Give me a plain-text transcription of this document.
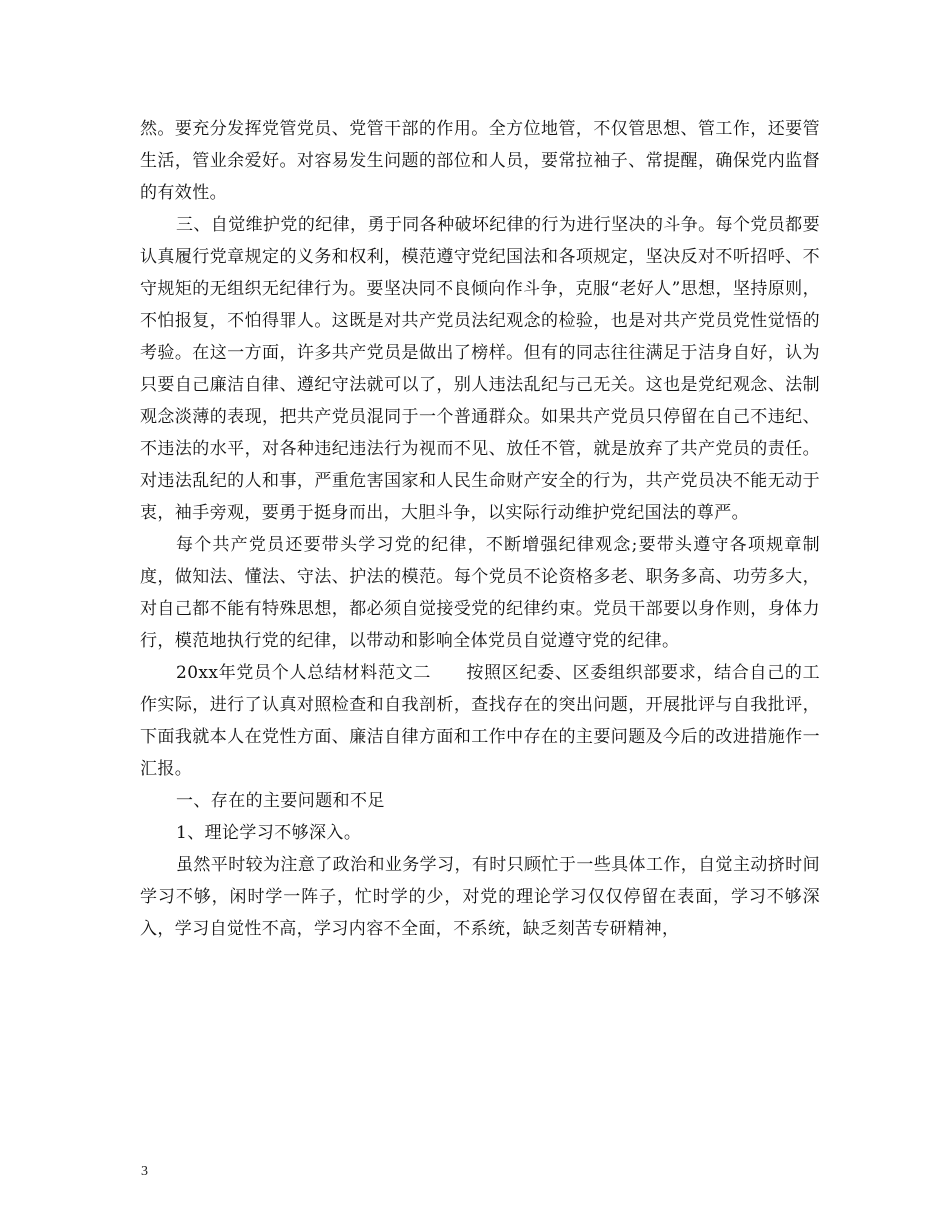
然。要充分发挥党管党员、党管干部的作用。全方位地管，不仅管思想、管工作，还要管生活，管业余爱好。对容易发生问题的部位和人员，要常拉袖子、常提醒，确保党内监督的有效性。

三、自觉维护党的纪律，勇于同各种破坏纪律的行为进行坚决的斗争。每个党员都要认真履行党章规定的义务和权利，模范遵守党纪国法和各项规定，坚决反对不听招呼、不守规矩的无组织无纪律行为。要坚决同不良倾向作斗争，克服“老好人”思想，坚持原则，不怕报复，不怕得罪人。这既是对共产党员法纪观念的检验，也是对共产党员党性觉悟的考验。在这一方面，许多共产党员是做出了榜样。但有的同志往往满足于洁身自好，认为只要自己廉洁自律、遵纪守法就可以了，别人违法乱纪与己无关。这也是党纪观念、法制观念淡薄的表现，把共产党员混同于一个普通群众。如果共产党员只停留在自己不违纪、不违法的水平，对各种违纪违法行为视而不见、放任不管，就是放弃了共产党员的责任。对违法乱纪的人和事，严重危害国家和人民生命财产安全的行为，共产党员决不能无动于衷，袖手旁观，要勇于挺身而出，大胆斗争，以实际行动维护党纪国法的尊严。

每个共产党员还要带头学习党的纪律，不断增强纪律观念;要带头遵守各项规章制度，做知法、懂法、守法、护法的模范。每个党员不论资格多老、职务多高、功劳多大，对自己都不能有特殊思想，都必须自觉接受党的纪律约束。党员干部要以身作则，身体力行，模范地执行党的纪律，以带动和影响全体党员自觉遵守党的纪律。

20xx年党员个人总结材料范文二　　按照区纪委、区委组织部要求，结合自己的工作实际，进行了认真对照检查和自我剖析，查找存在的突出问题，开展批评与自我批评，下面我就本人在党性方面、廉洁自律方面和工作中存在的主要问题及今后的改进措施作一汇报。

一、存在的主要问题和不足

1、理论学习不够深入。

虽然平时较为注意了政治和业务学习，有时只顾忙于一些具体工作，自觉主动挤时间学习不够，闲时学一阵子，忙时学的少，对党的理论学习仅仅停留在表面，学习不够深入，学习自觉性不高，学习内容不全面，不系统，缺乏刻苦专研精神，

3
